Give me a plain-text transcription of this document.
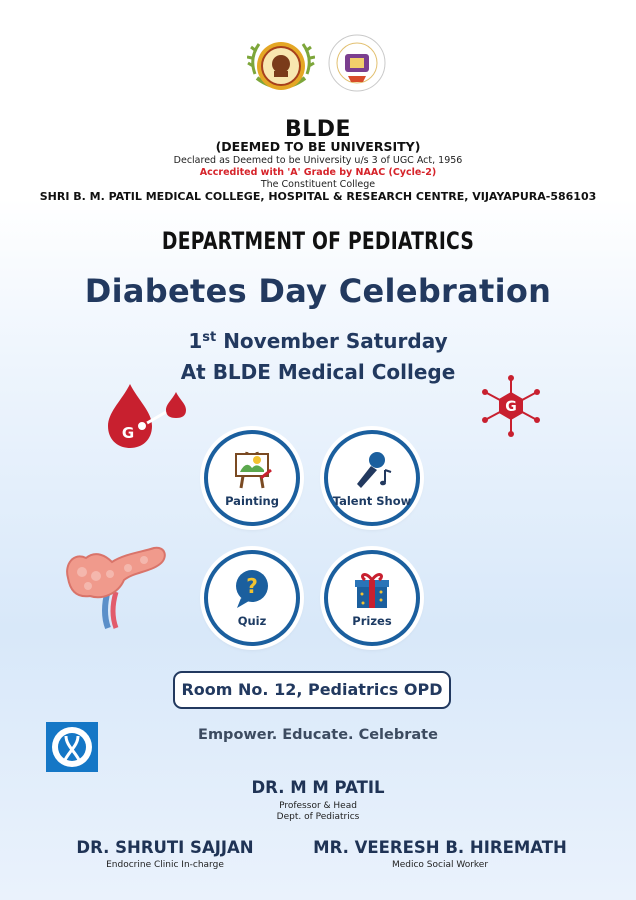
BLDE
(DEEMED TO BE UNIVERSITY)
Declared as Deemed to be University u/s 3 of UGC Act, 1956
Accredited with 'A' Grade by NAAC (Cycle-2)
The Constituent College
SHRI B. M. PATIL MEDICAL COLLEGE, HOSPITAL & RESEARCH CENTRE, VIJAYAPURA-586103
DEPARTMENT OF PEDIATRICS
Diabetes Day Celebration
1st November Saturday
At BLDE Medical College
G
G
Painting	Talent Show
?
Quiz	Prizes
Room No. 12, Pediatrics OPD
Empower. Educate. Celebrate
DR. M M PATIL
Professor & Head
Dept. of Pediatrics
DR. SHRUTI SAJJAN
Endocrine Clinic In-charge
MR. VEERESH B. HIREMATH
Medico Social Worker
